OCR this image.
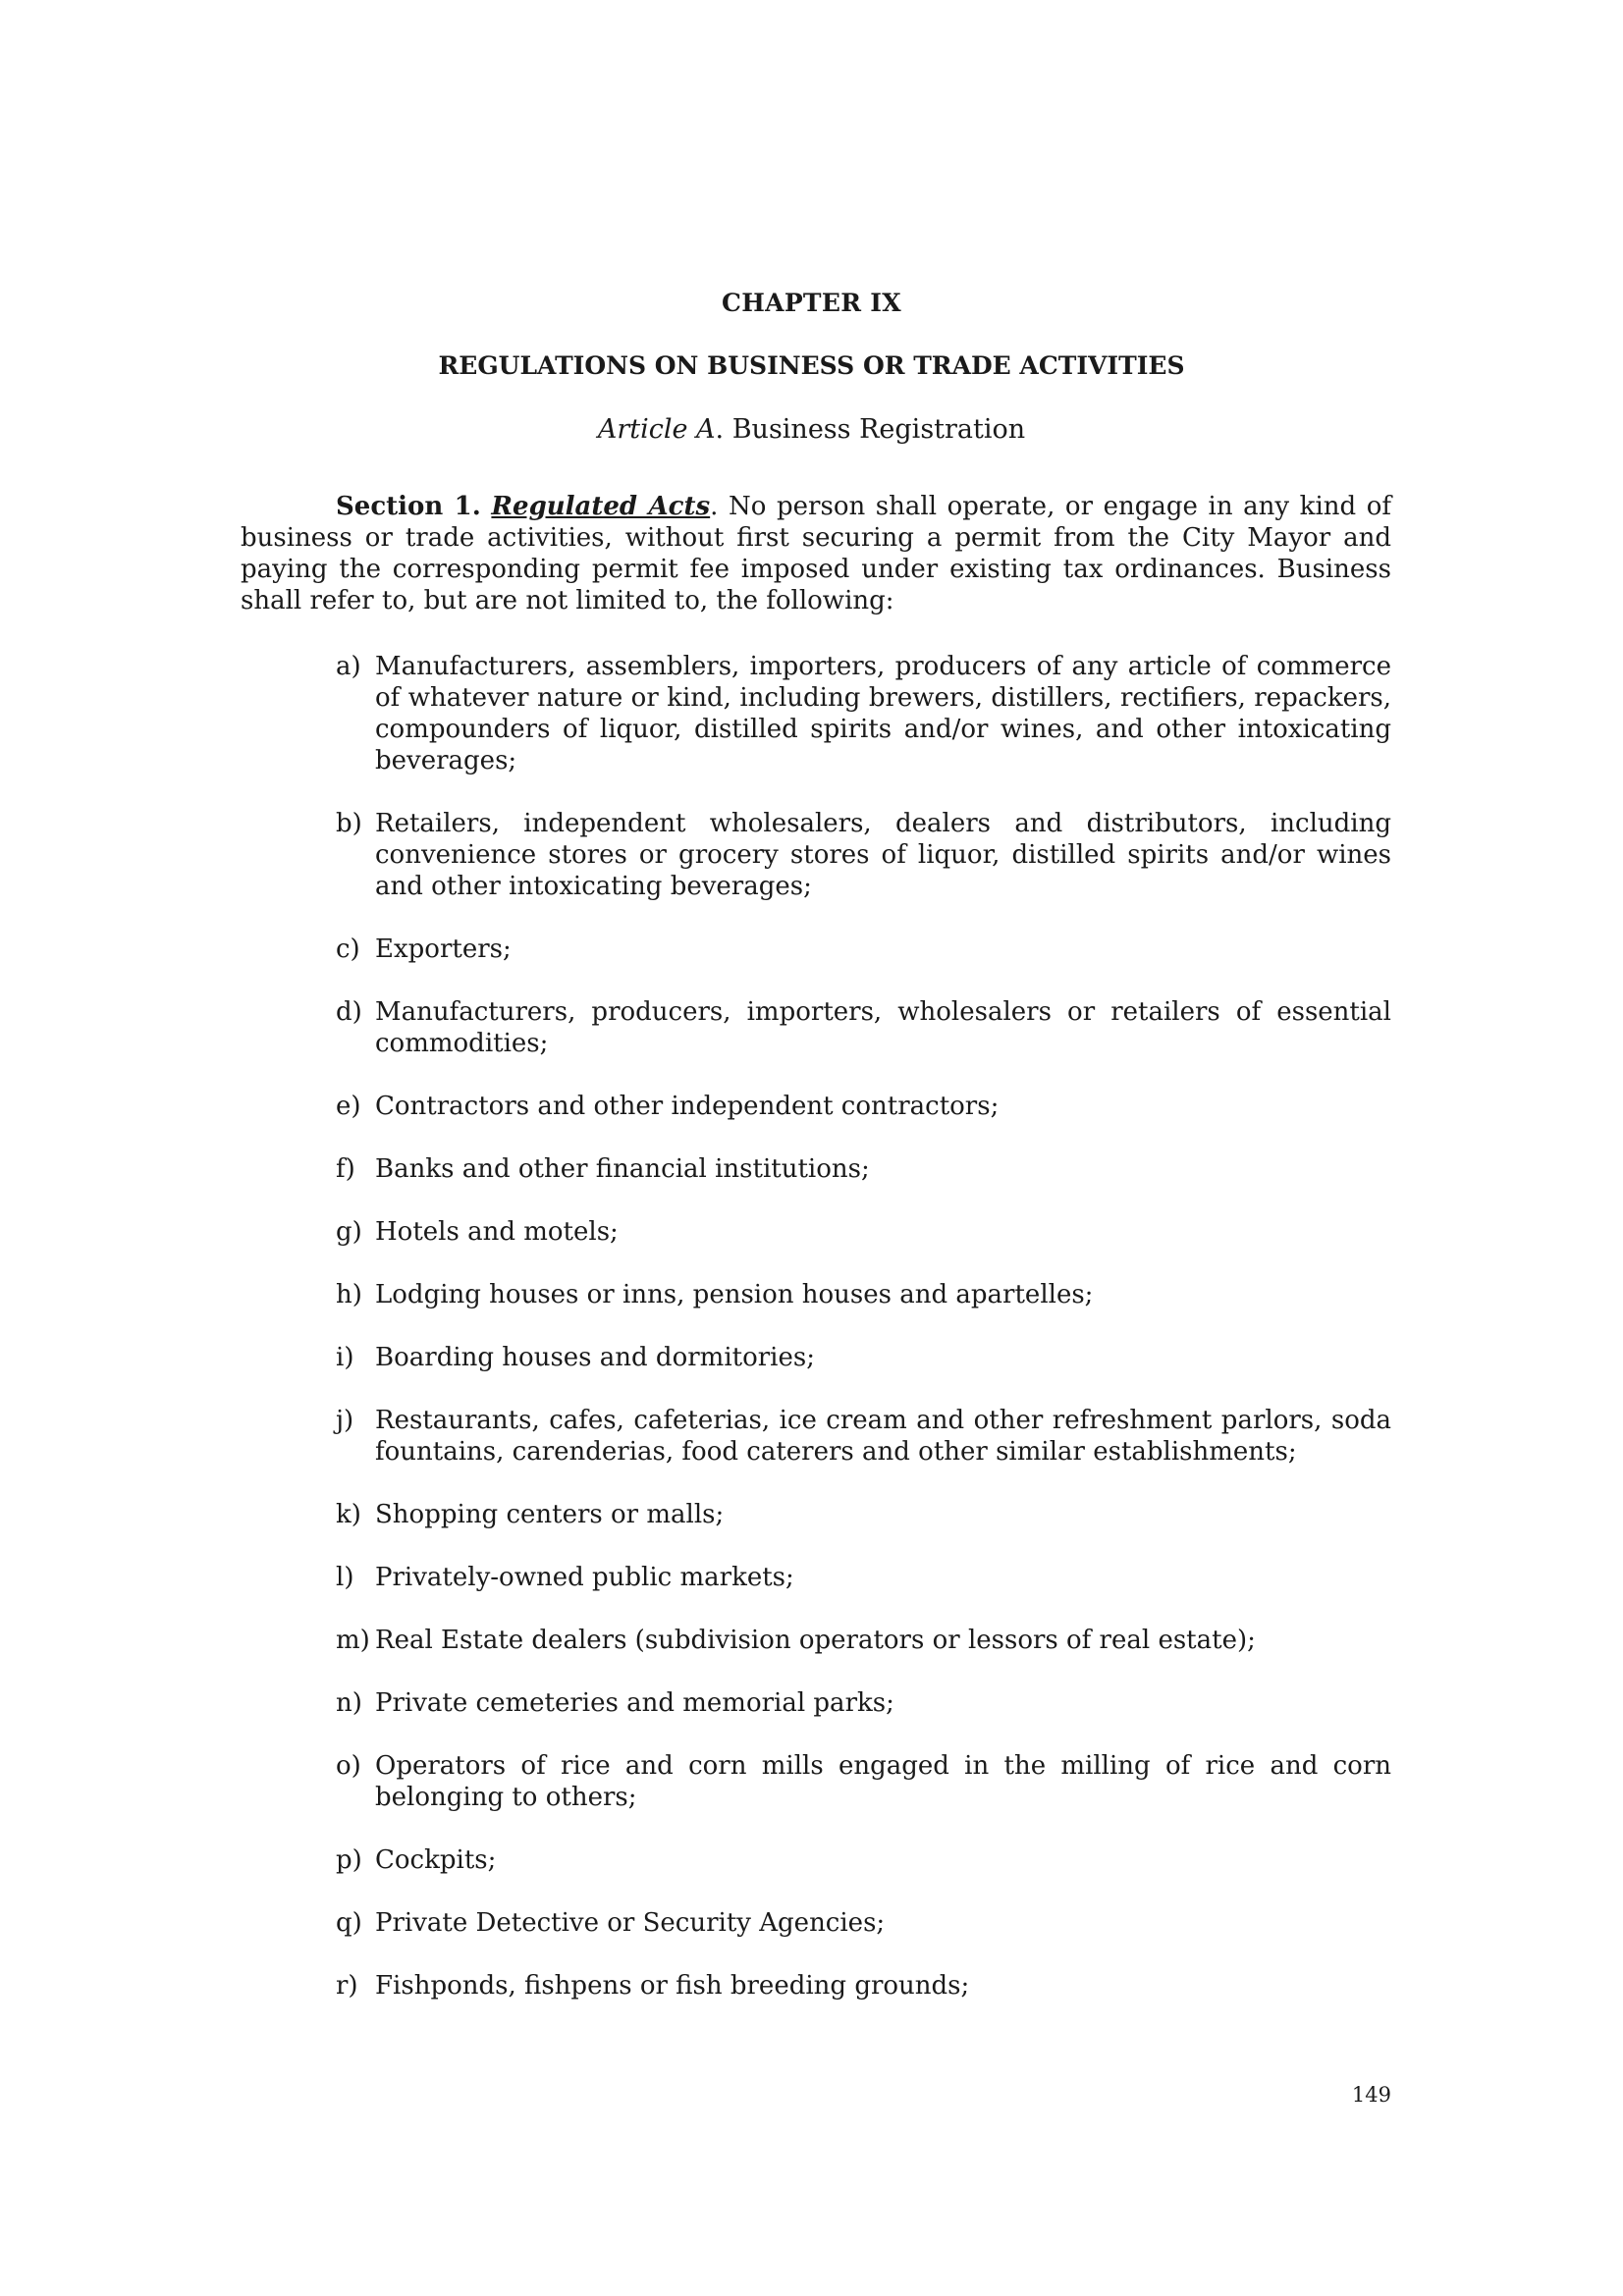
CHAPTER IX
REGULATIONS ON BUSINESS OR TRADE ACTIVITIES
Article A. Business Registration
Section 1. Regulated Acts. No person shall operate, or engage in any kind of business or trade activities, without first securing a permit from the City Mayor and paying the corresponding permit fee imposed under existing tax ordinances. Business shall refer to, but are not limited to, the following:
a) Manufacturers, assemblers, importers, producers of any article of commerce of whatever nature or kind, including brewers, distillers, rectifiers, repackers, compounders of liquor, distilled spirits and/or wines, and other intoxicating beverages;
b) Retailers, independent wholesalers, dealers and distributors, including convenience stores or grocery stores of liquor, distilled spirits and/or wines and other intoxicating beverages;
c) Exporters;
d) Manufacturers, producers, importers, wholesalers or retailers of essential commodities;
e) Contractors and other independent contractors;
f) Banks and other financial institutions;
g) Hotels and motels;
h) Lodging houses or inns, pension houses and apartelles;
i) Boarding houses and dormitories;
j) Restaurants, cafes, cafeterias, ice cream and other refreshment parlors, soda fountains, carenderias, food caterers and other similar establishments;
k) Shopping centers or malls;
l) Privately-owned public markets;
m) Real Estate dealers (subdivision operators or lessors of real estate);
n) Private cemeteries and memorial parks;
o) Operators of rice and corn mills engaged in the milling of rice and corn belonging to others;
p) Cockpits;
q) Private Detective or Security Agencies;
r) Fishponds, fishpens or fish breeding grounds;
149
